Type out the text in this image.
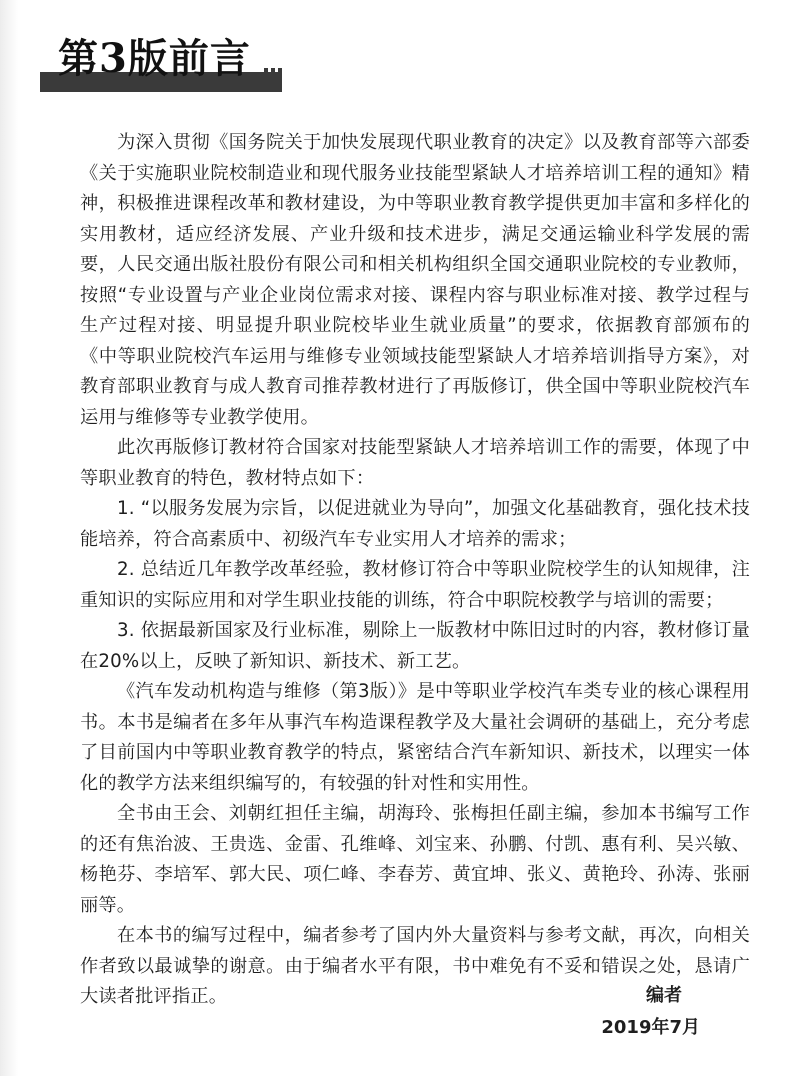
第3版前言

为深入贯彻《国务院关于加快发展现代职业教育的决定》以及教育部等六部委《关于实施职业院校制造业和现代服务业技能型紧缺人才培养培训工程的通知》精神，积极推进课程改革和教材建设，为中等职业教育教学提供更加丰富和多样化的实用教材，适应经济发展、产业升级和技术进步，满足交通运输业科学发展的需要，人民交通出版社股份有限公司和相关机构组织全国交通职业院校的专业教师，按照“专业设置与产业企业岗位需求对接、课程内容与职业标准对接、教学过程与生产过程对接、明显提升职业院校毕业生就业质量”的要求，依据教育部颁布的《中等职业院校汽车运用与维修专业领域技能型紧缺人才培养培训指导方案》，对教育部职业教育与成人教育司推荐教材进行了再版修订，供全国中等职业院校汽车运用与维修等专业教学使用。

此次再版修订教材符合国家对技能型紧缺人才培养培训工作的需要，体现了中等职业教育的特色，教材特点如下：

1. “以服务发展为宗旨，以促进就业为导向”，加强文化基础教育，强化技术技能培养，符合高素质中、初级汽车专业实用人才培养的需求；

2. 总结近几年教学改革经验，教材修订符合中等职业院校学生的认知规律，注重知识的实际应用和对学生职业技能的训练，符合中职院校教学与培训的需要；

3. 依据最新国家及行业标准，剔除上一版教材中陈旧过时的内容，教材修订量在20%以上，反映了新知识、新技术、新工艺。

《汽车发动机构造与维修（第3版）》是中等职业学校汽车类专业的核心课程用书。本书是编者在多年从事汽车构造课程教学及大量社会调研的基础上，充分考虑了目前国内中等职业教育教学的特点，紧密结合汽车新知识、新技术，以理实一体化的教学方法来组织编写的，有较强的针对性和实用性。

全书由王会、刘朝红担任主编，胡海玲、张梅担任副主编，参加本书编写工作的还有焦治波、王贵选、金雷、孔维峰、刘宝来、孙鹏、付凯、惠有利、吴兴敏、杨艳芬、李培军、郭大民、项仁峰、李春芳、黄宜坤、张义、黄艳玲、孙涛、张丽丽等。

在本书的编写过程中，编者参考了国内外大量资料与参考文献，再次，向相关作者致以最诚挚的谢意。由于编者水平有限，书中难免有不妥和错误之处，恳请广大读者批评指正。	编者
2019年7月
